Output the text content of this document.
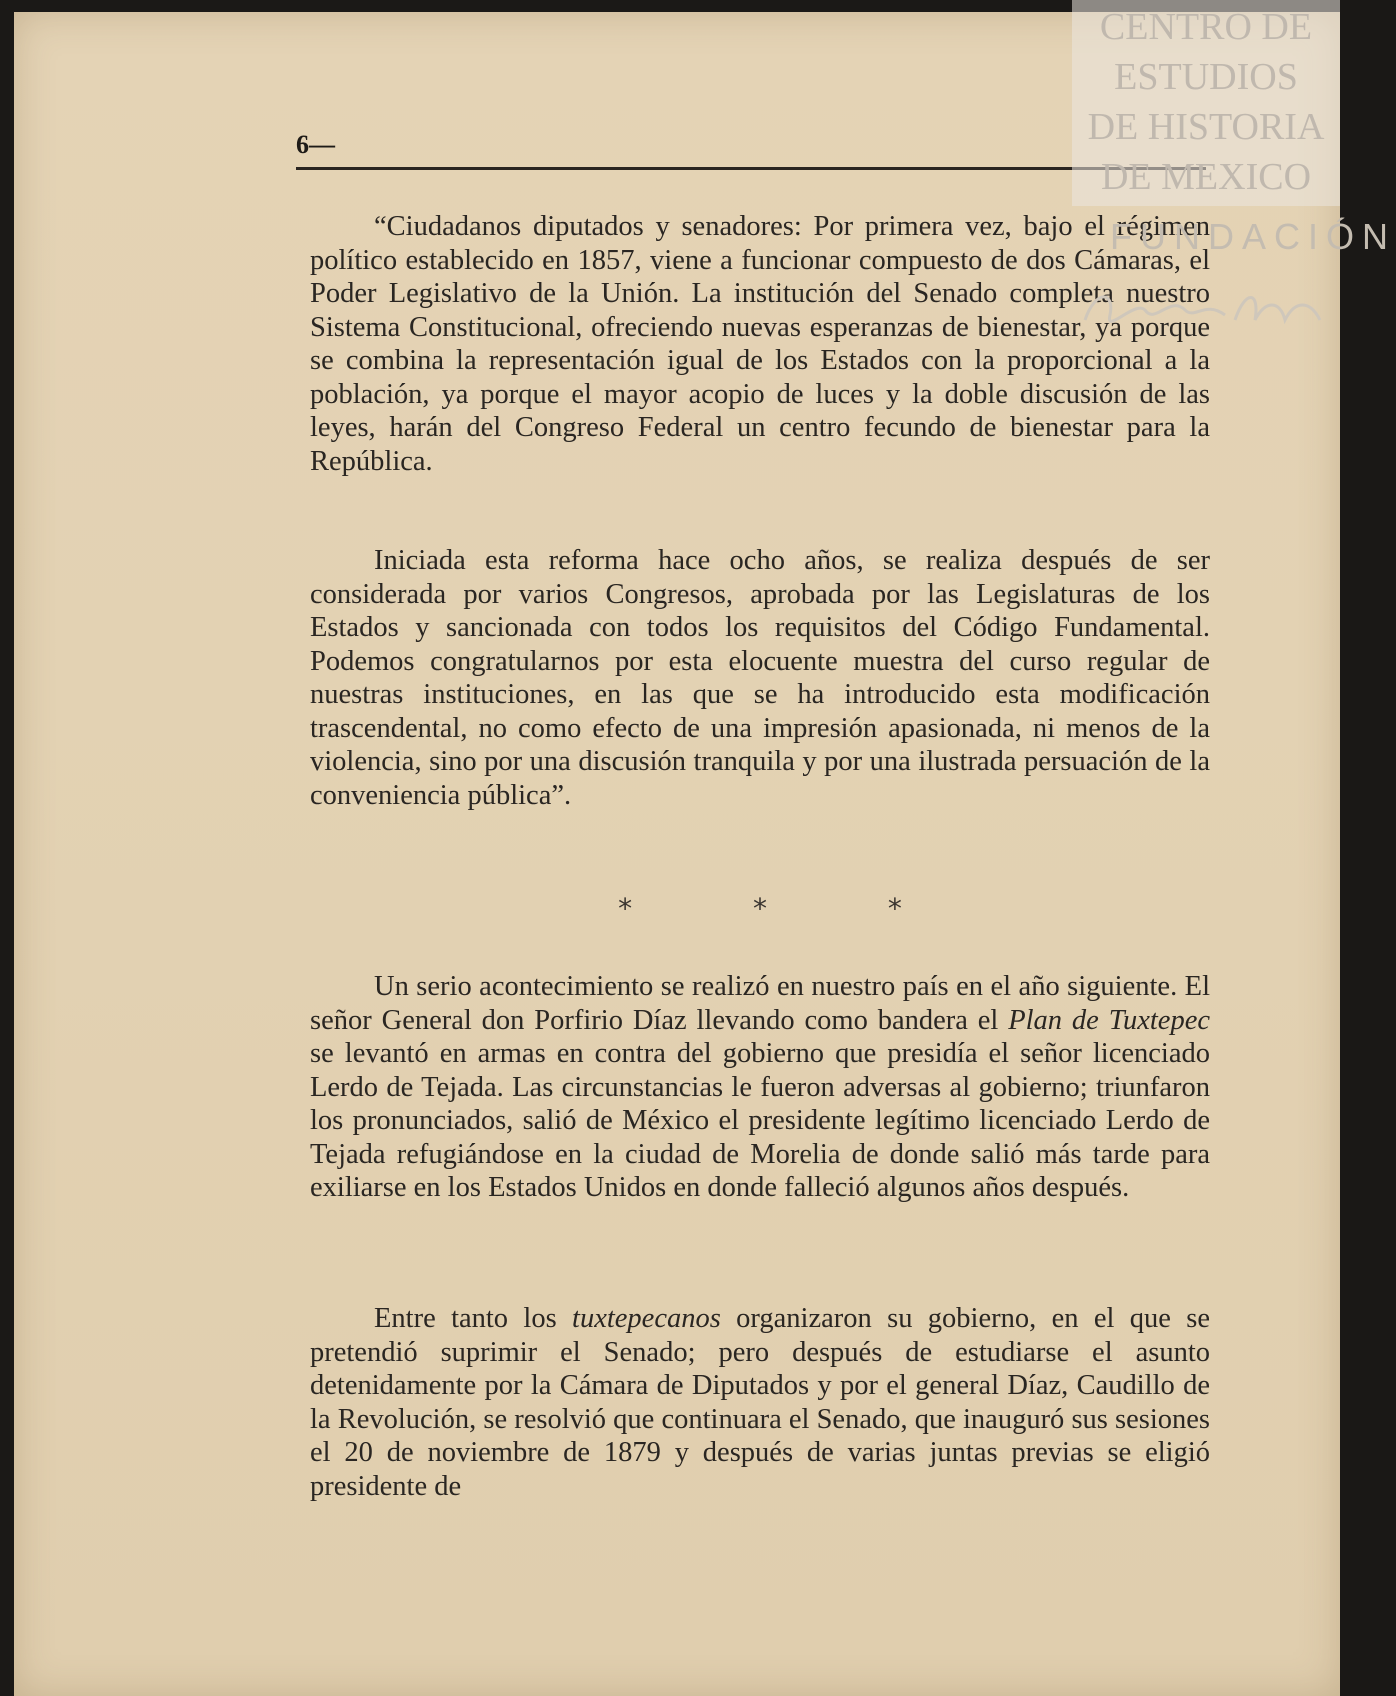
6—

“Ciudadanos diputados y senadores: Por primera vez, bajo el régimen político establecido en 1857, viene a funcionar compuesto de dos Cámaras, el Poder Legislativo de la Unión. La institución del Senado completa nuestro Sistema Constitucional, ofreciendo nuevas esperanzas de bienestar, ya porque se combina la representación igual de los Estados con la proporcional a la población, ya porque el mayor acopio de luces y la doble discusión de las leyes, harán del Congreso Federal un centro fecundo de bienestar para la República.

Iniciada esta reforma hace ocho años, se realiza después de ser considerada por varios Congresos, aprobada por las Legislaturas de los Estados y sancionada con todos los requisitos del Código Fundamental. Podemos congratularnos por esta elocuente muestra del curso regular de nuestras instituciones, en las que se ha introducido esta modificación trascendental, no como efecto de una impresión apasionada, ni menos de la violencia, sino por una discusión tranquila y por una ilustrada persuación de la conveniencia pública”.

* * *

Un serio acontecimiento se realizó en nuestro país en el año siguiente. El señor General don Porfirio Díaz llevando como bandera el Plan de Tuxtepec se levantó en armas en contra del gobierno que presidía el señor licenciado Lerdo de Tejada. Las circunstancias le fueron adversas al gobierno; triunfaron los pronunciados, salió de México el presidente legítimo licenciado Lerdo de Tejada refugiándose en la ciudad de Morelia de donde salió más tarde para exiliarse en los Estados Unidos en donde falleció algunos años después.

Entre tanto los tuxtepecanos organizaron su gobierno, en el que se pretendió suprimir el Senado; pero después de estudiarse el asunto detenidamente por la Cámara de Diputados y por el general Díaz, Caudillo de la Revolución, se resolvió que continuara el Senado, que inauguró sus sesiones el 20 de noviembre de 1879 y después de varias juntas previas se eligió presidente de

CENTRO DE
ESTUDIOS
DE HISTORIA
DE MEXICO
FUNDACIÓN
